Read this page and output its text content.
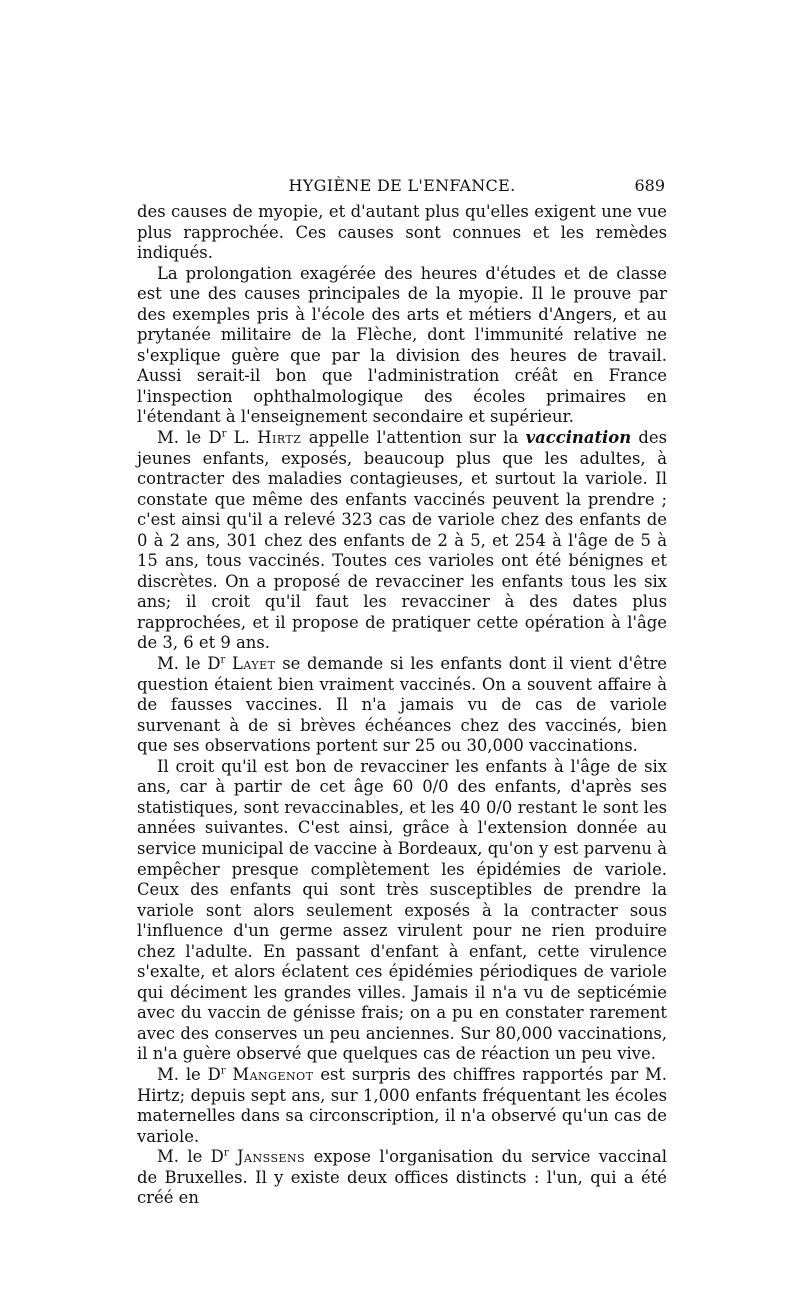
HYGIÈNE DE L'ENFANCE.	689

des causes de myopie, et d'autant plus qu'elles exigent une vue plus rapprochée. Ces causes sont connues et les remèdes indiqués.

La prolongation exagérée des heures d'études et de classe est une des causes principales de la myopie. Il le prouve par des exemples pris à l'école des arts et métiers d'Angers, et au prytanée militaire de la Flèche, dont l'immunité relative ne s'explique guère que par la division des heures de travail. Aussi serait-il bon que l'administration créât en France l'inspection ophthalmologique des écoles primaires en l'étendant à l'enseignement secondaire et supérieur.

M. le $D^r$ L. Hirtz appelle l'attention sur la vaccination des jeunes enfants, exposés, beaucoup plus que les adultes, à contracter des maladies contagieuses, et surtout la variole. Il constate que même des enfants vaccinés peuvent la prendre ; c'est ainsi qu'il a relevé 323 cas de variole chez des enfants de 0 à 2 ans, 301 chez des enfants de 2 à 5, et 254 à l'âge de 5 à 15 ans, tous vaccinés. Toutes ces varioles ont été bénignes et discrètes. On a proposé de revacciner les enfants tous les six ans; il croit qu'il faut les revacciner à des dates plus rapprochées, et il propose de pratiquer cette opération à l'âge de 3, 6 et 9 ans.

M. le $D^r$ Layet se demande si les enfants dont il vient d'être question étaient bien vraiment vaccinés. On a souvent affaire à de fausses vaccines. Il n'a jamais vu de cas de variole survenant à de si brèves échéances chez des vaccinés, bien que ses observations portent sur 25 ou 30,000 vaccinations.

Il croit qu'il est bon de revacciner les enfants à l'âge de six ans, car à partir de cet âge 60 0/0 des enfants, d'après ses statistiques, sont revaccinables, et les 40 0/0 restant le sont les années suivantes. C'est ainsi, grâce à l'extension donnée au service municipal de vaccine à Bordeaux, qu'on y est parvenu à empêcher presque complètement les épidémies de variole. Ceux des enfants qui sont très susceptibles de prendre la variole sont alors seulement exposés à la contracter sous l'influence d'un germe assez virulent pour ne rien produire chez l'adulte. En passant d'enfant à enfant, cette virulence s'exalte, et alors éclatent ces épidémies périodiques de variole qui déciment les grandes villes. Jamais il n'a vu de septicémie avec du vaccin de génisse frais; on a pu en constater rarement avec des conserves un peu anciennes. Sur 80,000 vaccinations, il n'a guère observé que quelques cas de réaction un peu vive.

M. le $D^r$ Mangenot est surpris des chiffres rapportés par M. Hirtz; depuis sept ans, sur 1,000 enfants fréquentant les écoles maternelles dans sa circonscription, il n'a observé qu'un cas de variole.

M. le $D^r$ Janssens expose l'organisation du service vaccinal de Bruxelles. Il y existe deux offices distincts : l'un, qui a été créé en
